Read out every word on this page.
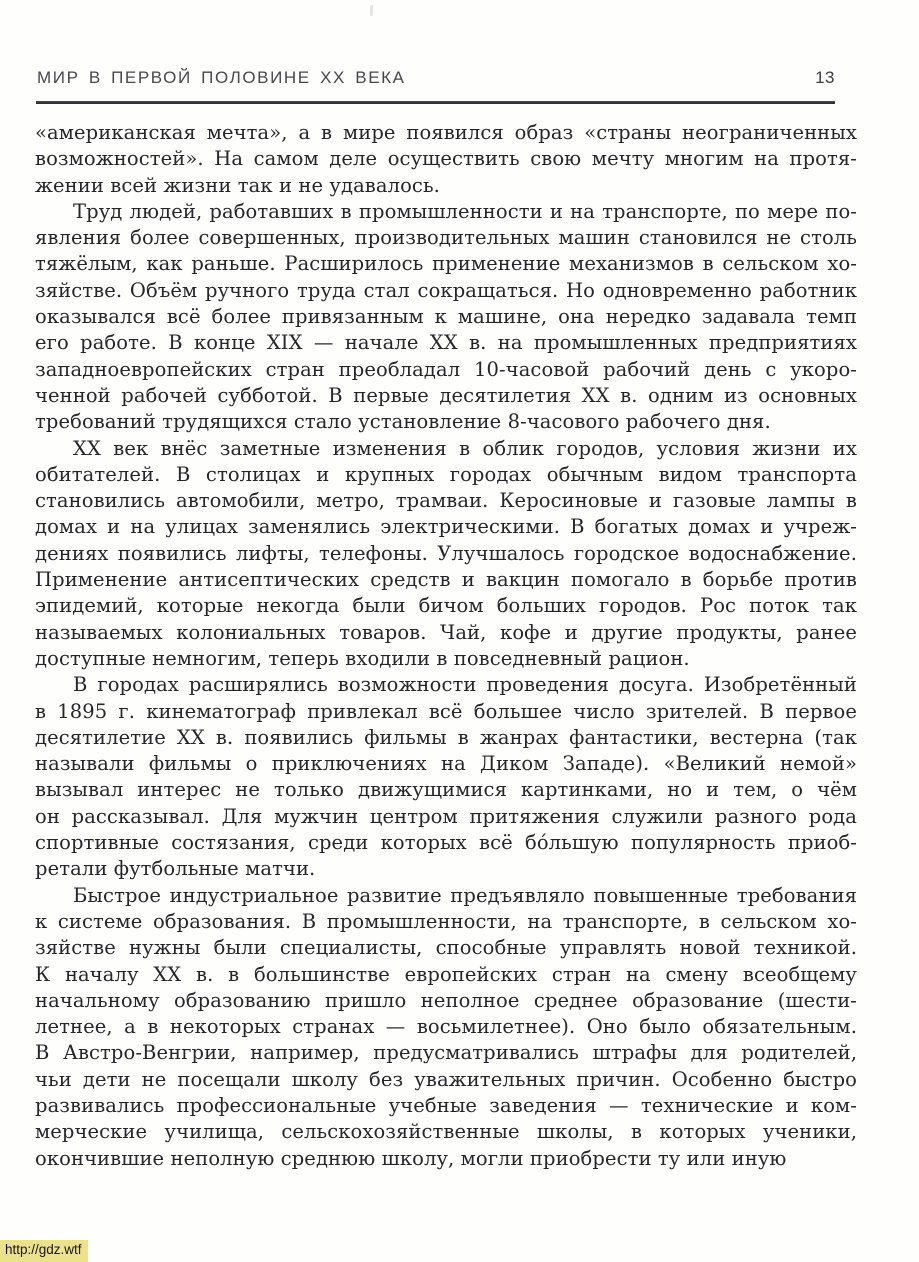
МИР В ПЕРВОЙ ПОЛОВИНЕ XX ВЕКА	13
«американская мечта», а в мире появился образ «страны неограниченных
возможностей». На самом деле осуществить свою мечту многим на протя-
жении всей жизни так и не удавалось.
Труд людей, работавших в промышленности и на транспорте, по мере по-
явления более совершенных, производительных машин становился не столь
тяжёлым, как раньше. Расширилось применение механизмов в сельском хо-
зяйстве. Объём ручного труда стал сокращаться. Но одновременно работник
оказывался всё более привязанным к машине, она нередко задавала темп
его работе. В конце XIX — начале XX в. на промышленных предприятиях
западноевропейских стран преобладал 10-часовой рабочий день с укоро-
ченной рабочей субботой. В первые десятилетия XX в. одним из основных
требований трудящихся стало установление 8-часового рабочего дня.
XX век внёс заметные изменения в облик городов, условия жизни их
обитателей. В столицах и крупных городах обычным видом транспорта
становились автомобили, метро, трамваи. Керосиновые и газовые лампы в
домах и на улицах заменялись электрическими. В богатых домах и учреж-
дениях появились лифты, телефоны. Улучшалось городское водоснабжение.
Применение антисептических средств и вакцин помогало в борьбе против
эпидемий, которые некогда были бичом больших городов. Рос поток так
называемых колониальных товаров. Чай, кофе и другие продукты, ранее
доступные немногим, теперь входили в повседневный рацион.
В городах расширялись возможности проведения досуга. Изобретённый
в 1895 г. кинематограф привлекал всё большее число зрителей. В первое
десятилетие XX в. появились фильмы в жанрах фантастики, вестерна (так
называли фильмы о приключениях на Диком Западе). «Великий немой»
вызывал интерес не только движущимися картинками, но и тем, о чём
он рассказывал. Для мужчин центром притяжения служили разного рода
спортивные состязания, среди которых всё бо́льшую популярность приоб-
ретали футбольные матчи.
Быстрое индустриальное развитие предъявляло повышенные требования
к системе образования. В промышленности, на транспорте, в сельском хо-
зяйстве нужны были специалисты, способные управлять новой техникой.
К началу XX в. в большинстве европейских стран на смену всеобщему
начальному образованию пришло неполное среднее образование (шести-
летнее, а в некоторых странах — восьмилетнее). Оно было обязательным.
В Австро-Венгрии, например, предусматривались штрафы для родителей,
чьи дети не посещали школу без уважительных причин. Особенно быстро
развивались профессиональные учебные заведения — технические и ком-
мерческие училища, сельскохозяйственные школы, в которых ученики,
окончившие неполную среднюю школу, могли приобрести ту или иную
http://gdz.wtf
